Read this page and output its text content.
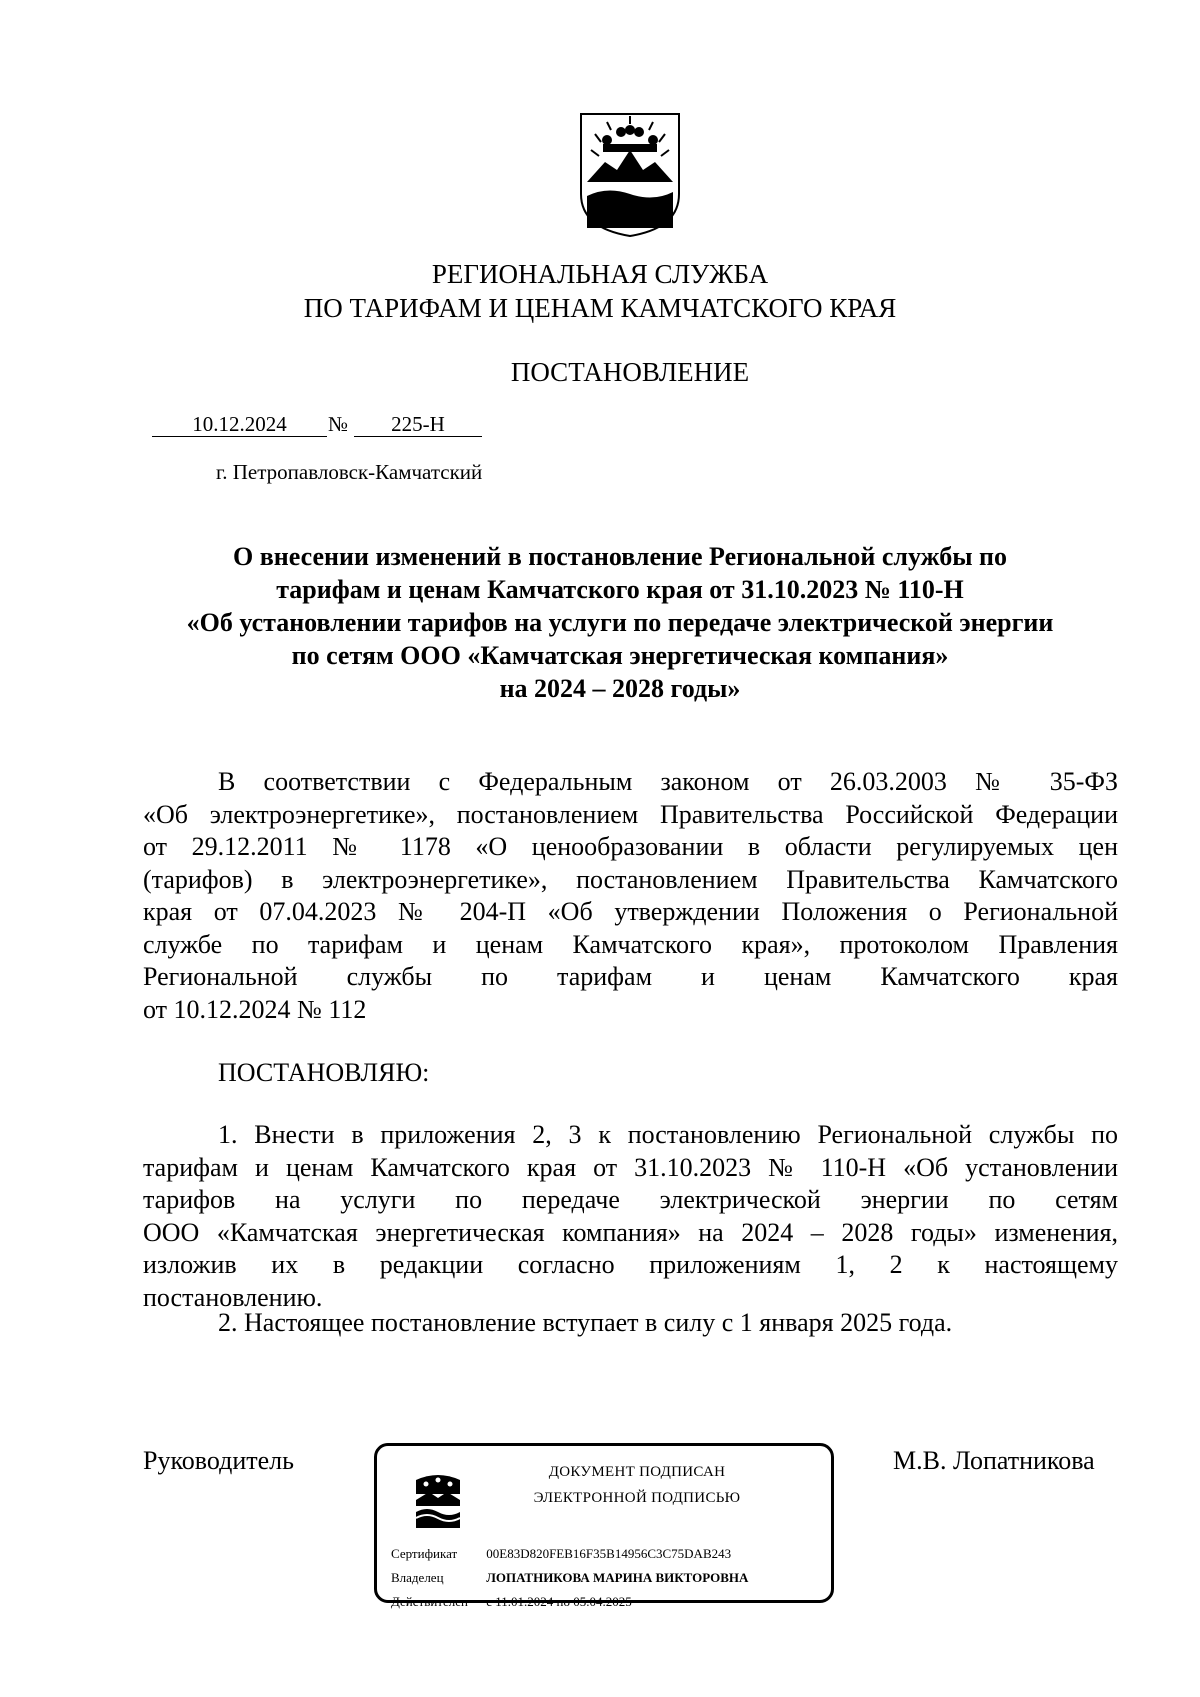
РЕГИОНАЛЬНАЯ СЛУЖБА
ПО ТАРИФАМ И ЦЕНАМ КАМЧАТСКОГО КРАЯ
ПОСТАНОВЛЕНИЕ
10.12.2024	№	225-Н
г. Петропавловск-Камчатский
О внесении изменений в постановление Региональной службы по
тарифам и ценам Камчатского края от 31.10.2023 № 110-Н
«Об установлении тарифов на услуги по передаче электрической энергии
по сетям ООО «Камчатская энергетическая компания»
на 2024 – 2028 годы»
В соответствии с Федеральным законом от 26.03.2003 № 35-ФЗ
«Об электроэнергетике», постановлением Правительства Российской Федерации
от 29.12.2011 № 1178 «О ценообразовании в области регулируемых цен
(тарифов) в электроэнергетике», постановлением Правительства Камчатского
края от 07.04.2023 № 204-П «Об утверждении Положения о Региональной
службе по тарифам и ценам Камчатского края», протоколом Правления
Региональной службы по тарифам и ценам Камчатского края
от 10.12.2024 № 112
ПОСТАНОВЛЯЮ:
1. Внести в приложения 2, 3 к постановлению Региональной службы по
тарифам и ценам Камчатского края от 31.10.2023 № 110-Н «Об установлении
тарифов на услуги по передаче электрической энергии по сетям
ООО «Камчатская энергетическая компания» на 2024 – 2028 годы» изменения,
изложив их в редакции согласно приложениям 1, 2 к настоящему
постановлению.
2. Настоящее постановление вступает в силу с 1 января 2025 года.
Руководитель	М.В. Лопатникова
ДОКУМЕНТ ПОДПИСАН
ЭЛЕКТРОННОЙ ПОДПИСЬЮ
Сертификат 00E83D820FEB16F35B14956C3C75DAB243
Владелец	ЛОПАТНИКОВА МАРИНА ВИКТОРОВНА
Действителен с 11.01.2024 по 05.04.2025
